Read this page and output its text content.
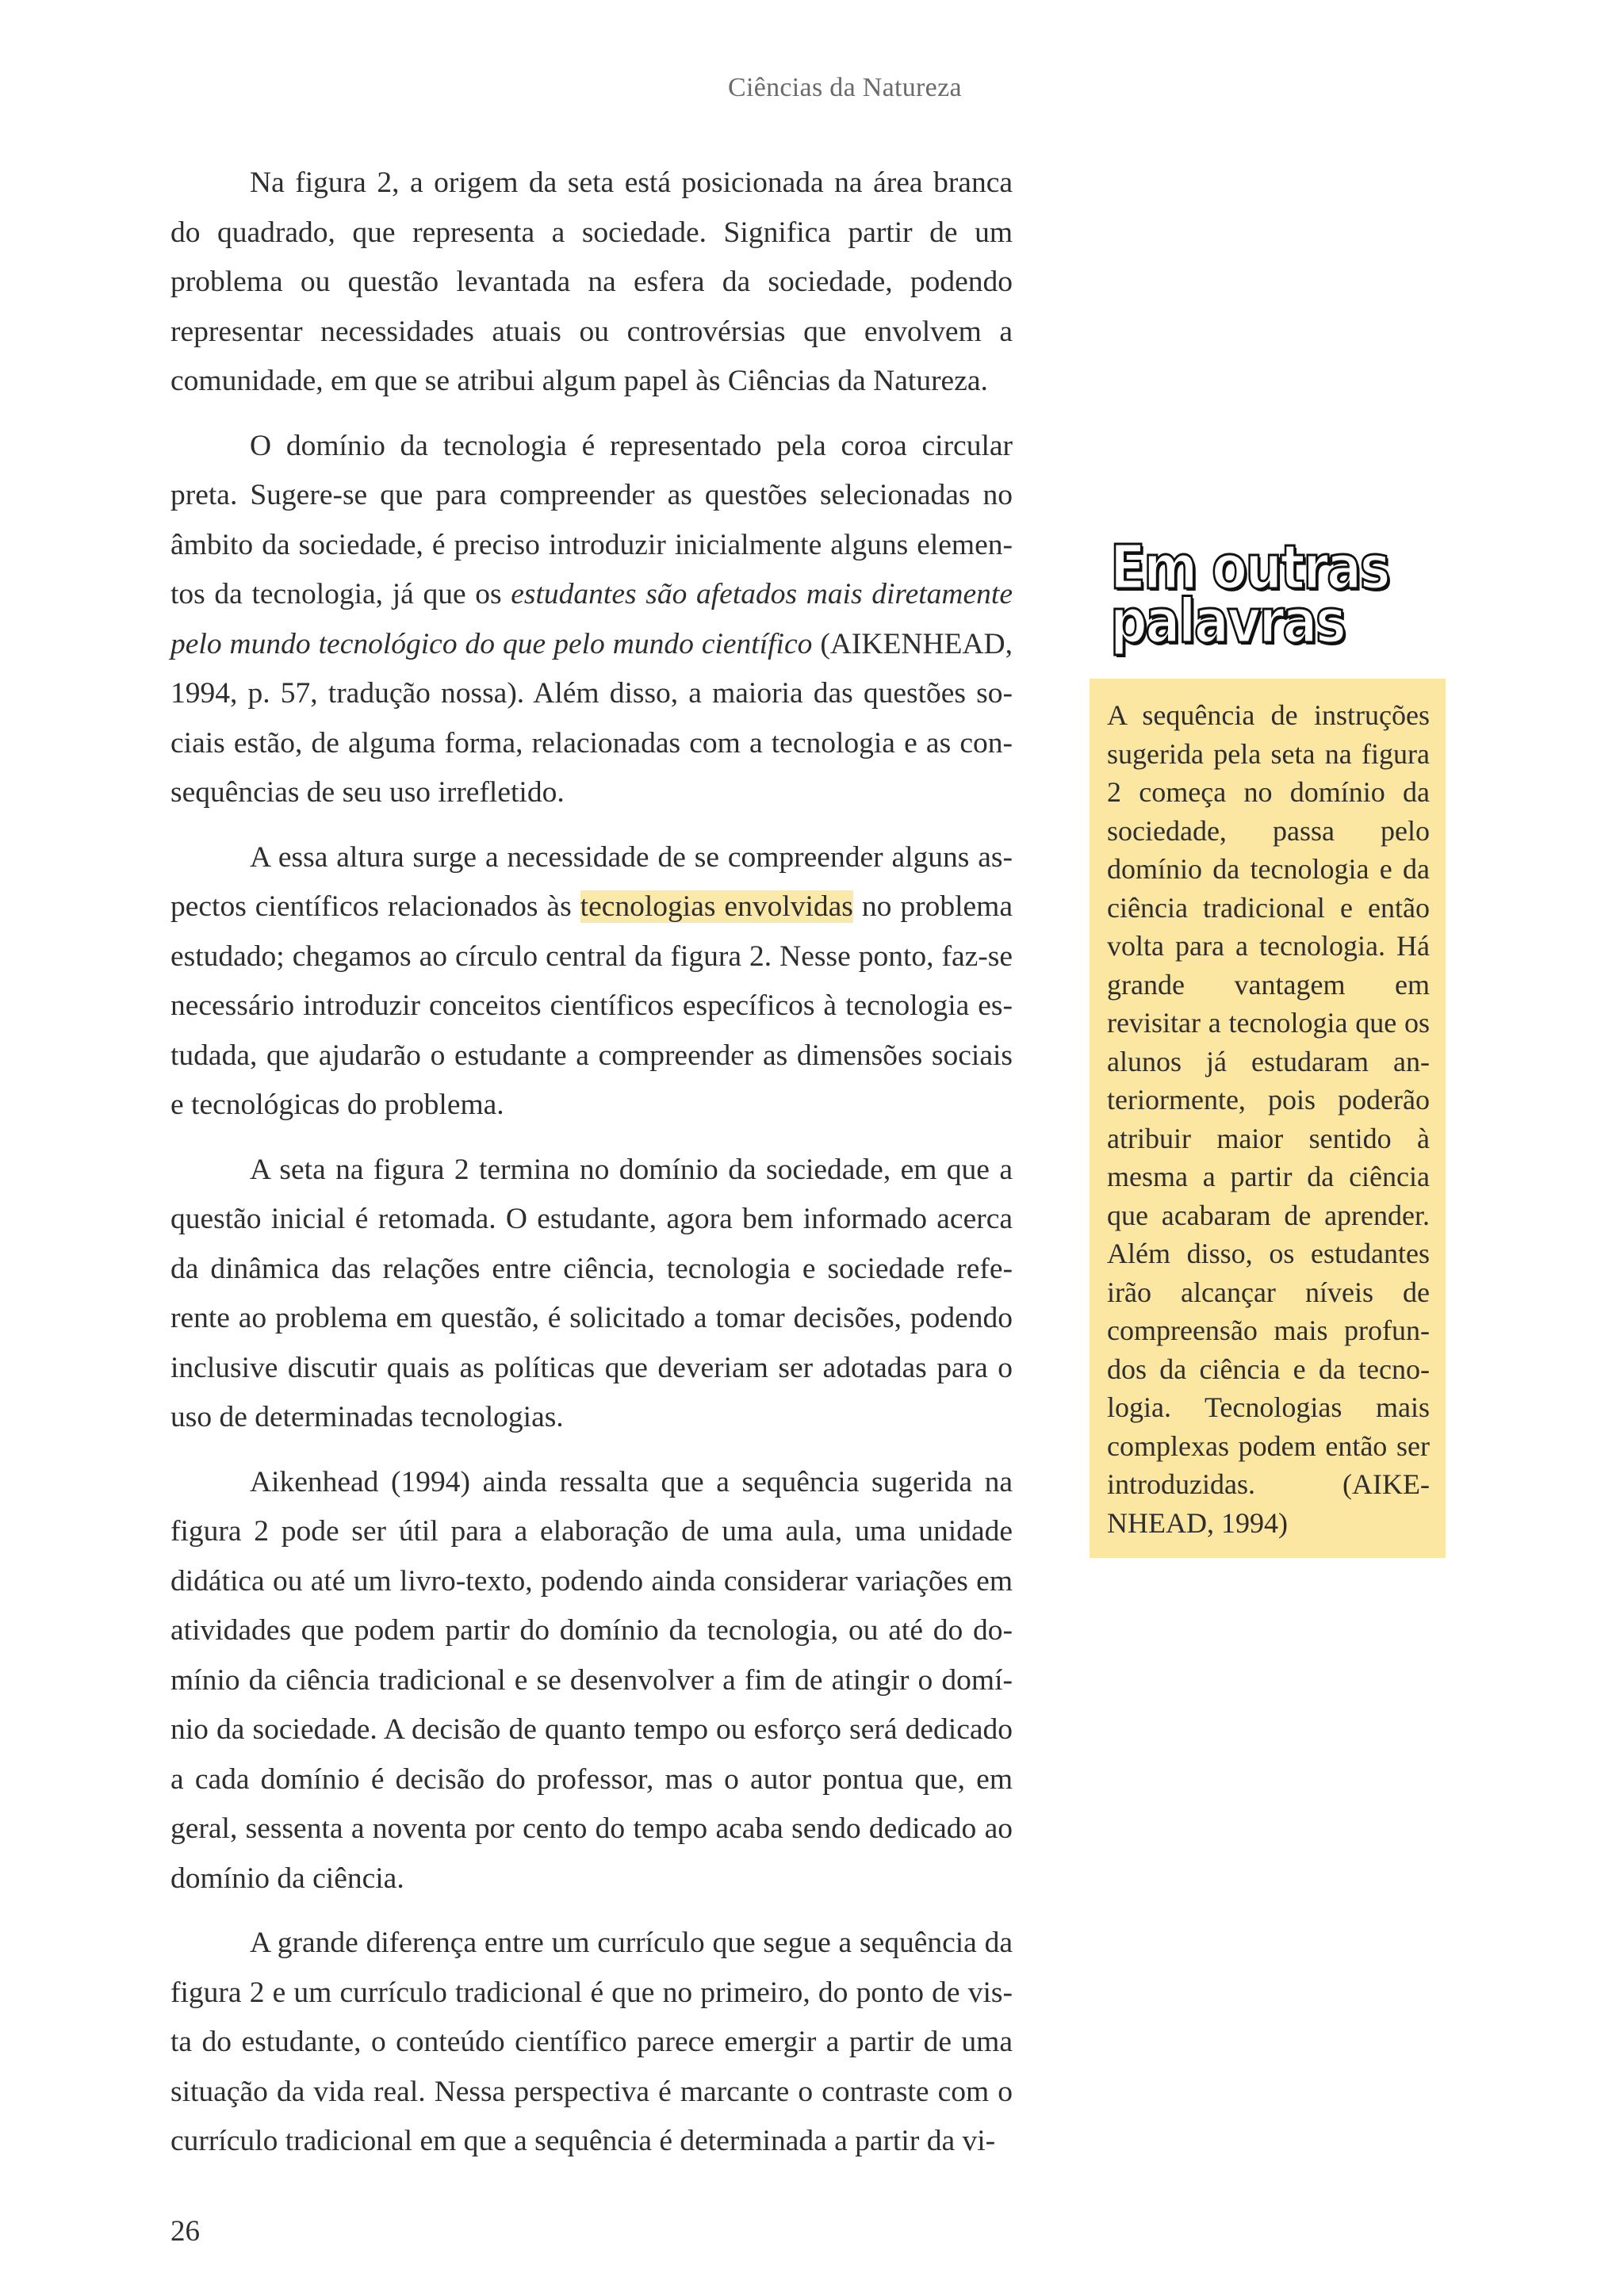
Ciências da Natureza

Na figura 2, a origem da seta está posicionada na área branca do quadrado, que representa a sociedade. Significa partir de um problema ou questão levantada na esfera da sociedade, podendo representar necessidades atuais ou controvérsias que envolvem a comunidade, em que se atribui algum papel às Ciências da Natureza.

O domínio da tecnologia é representado pela coroa circular preta. Sugere-se que para compreender as questões selecionadas no âmbito da sociedade, é preciso introduzir inicialmente alguns elementos da tecnologia, já que os estudantes são afetados mais diretamente pelo mundo tecnológico do que pelo mundo científico (AIKENHEAD, 1994, p. 57, tradução nossa). Além disso, a maioria das questões sociais estão, de alguma forma, relacionadas com a tecnologia e as consequências de seu uso irrefletido.

A essa altura surge a necessidade de se compreender alguns aspectos científicos relacionados às tecnologias envolvidas no problema estudado; chegamos ao círculo central da figura 2. Nesse ponto, faz-se necessário introduzir conceitos científicos específicos à tecnologia estudada, que ajudarão o estudante a compreender as dimensões sociais e tecnológicas do problema.

A seta na figura 2 termina no domínio da sociedade, em que a questão inicial é retomada. O estudante, agora bem informado acerca da dinâmica das relações entre ciência, tecnologia e sociedade referente ao problema em questão, é solicitado a tomar decisões, podendo inclusive discutir quais as políticas que deveriam ser adotadas para o uso de determinadas tecnologias.

Aikenhead (1994) ainda ressalta que a sequência sugerida na figura 2 pode ser útil para a elaboração de uma aula, uma unidade didática ou até um livro-texto, podendo ainda considerar variações em atividades que podem partir do domínio da tecnologia, ou até do domínio da ciência tradicional e se desenvolver a fim de atingir o domínio da sociedade. A decisão de quanto tempo ou esforço será dedicado a cada domínio é decisão do professor, mas o autor pontua que, em geral, sessenta a noventa por cento do tempo acaba sendo dedicado ao domínio da ciência.

A grande diferença entre um currículo que segue a sequência da figura 2 e um currículo tradicional é que no primeiro, do ponto de vista do estudante, o conteúdo científico parece emergir a partir de uma situação da vida real. Nessa perspectiva é marcante o contraste com o currículo tradicional em que a sequência é determinada a partir da vi-

Em outras
palavras

A sequência de instruções sugerida pela seta na figura 2 começa no domínio da sociedade, passa pelo domínio da tecnologia e da ciência tradicional e então volta para a tecnologia. Há grande vantagem em revisitar a tecnologia que os alunos já estudaram anteriormente, pois poderão atribuir maior sentido à mesma a partir da ciência que acabaram de aprender. Além disso, os estudantes irão alcançar níveis de compreensão mais profundos da ciência e da tecnologia. Tecnologias mais complexas podem então ser introduzidas. (AIKENHEAD, 1994)

26
